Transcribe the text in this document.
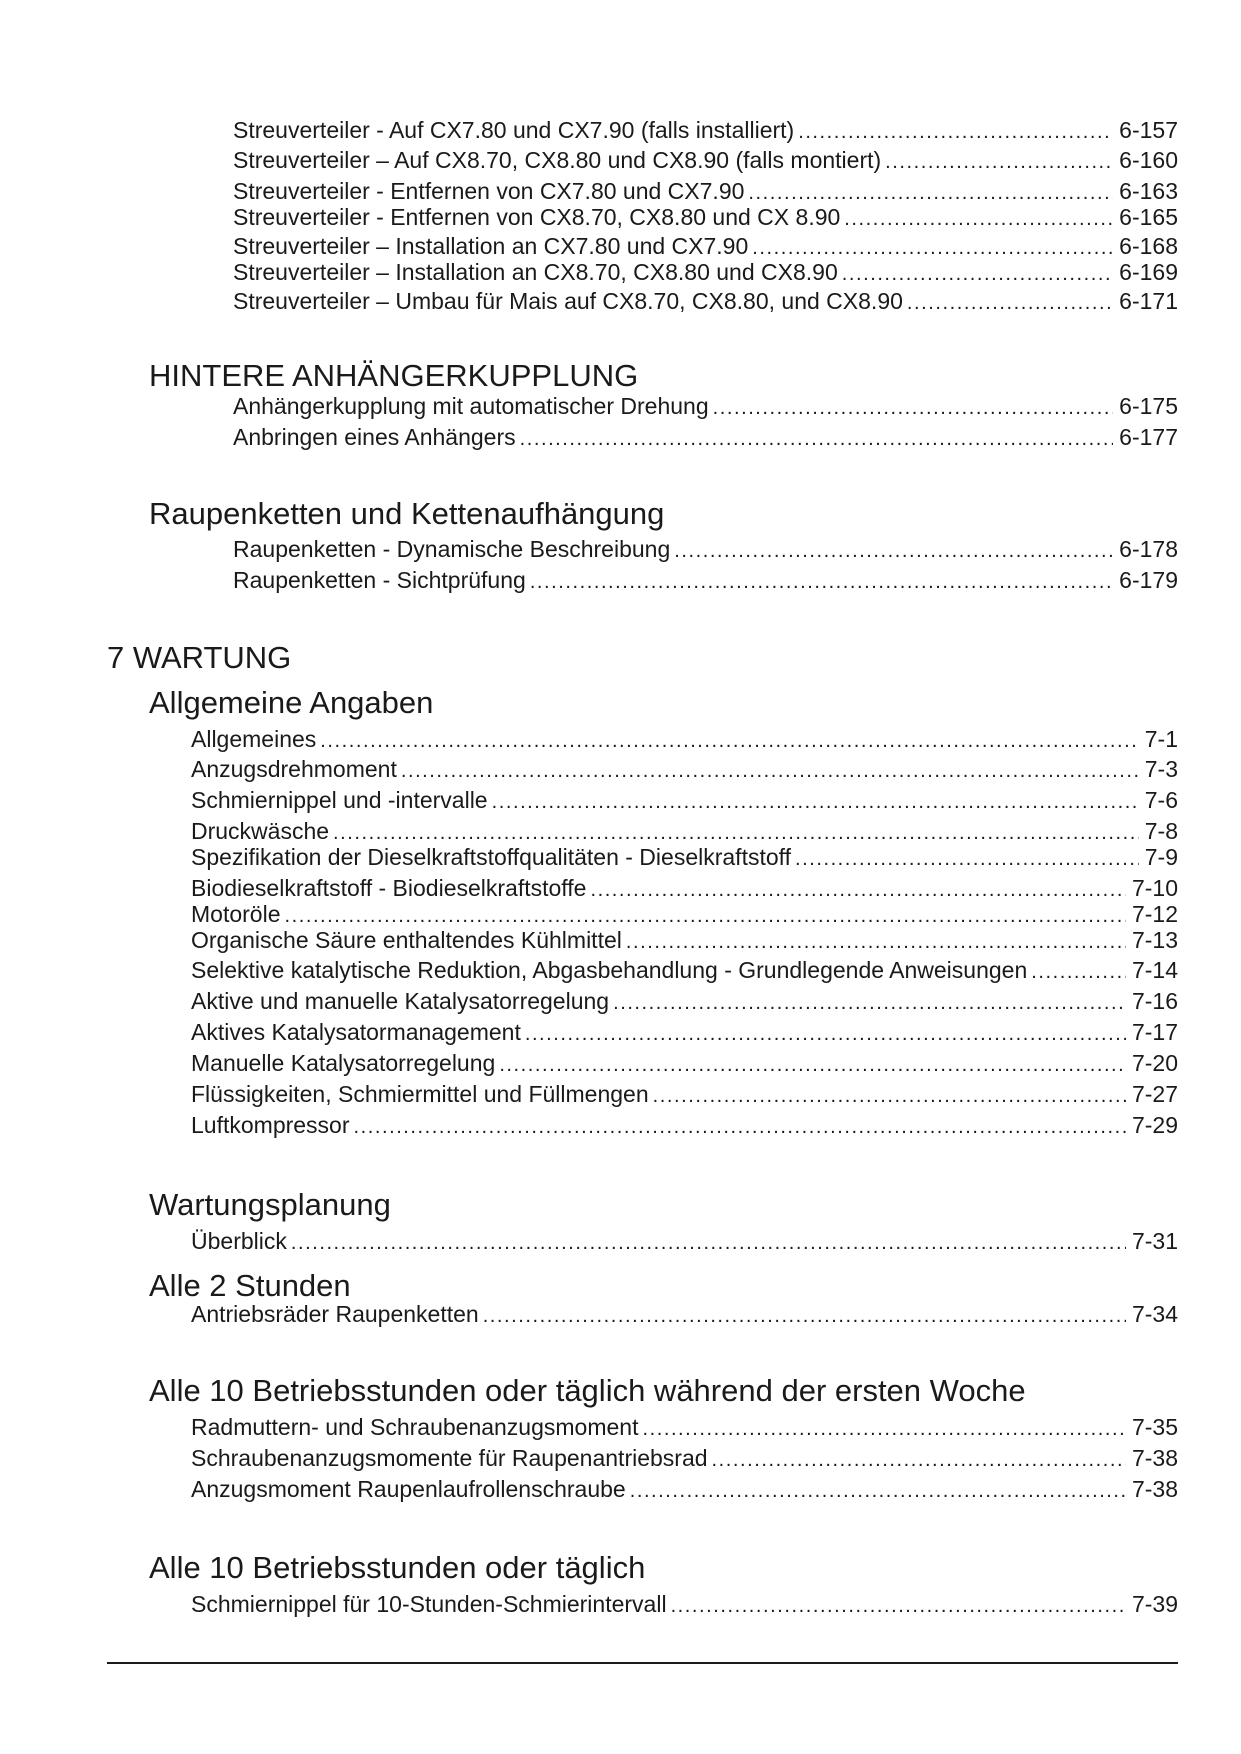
Streuverteiler - Auf CX7.80 und CX7.90 (falls installiert) . . .	6-157
Streuverteiler – Auf CX8.70, CX8.80 und CX8.90 (falls montiert) . . .	6-160
Streuverteiler - Entfernen von CX7.80 und CX7.90 . . .	6-163
Streuverteiler - Entfernen von CX8.70, CX8.80 und CX 8.90 . . .	6-165
Streuverteiler – Installation an CX7.80 und CX7.90 . . .	6-168
Streuverteiler – Installation an CX8.70, CX8.80 und CX8.90 . . .	6-169
Streuverteiler – Umbau für Mais auf CX8.70, CX8.80, und CX8.90 . . .	6-171
HINTERE ANHÄNGERKUPPLUNG
Anhängerkupplung mit automatischer Drehung . . .	6-175
Anbringen eines Anhängers . . .	6-177
Raupenketten und Kettenaufhängung
Raupenketten - Dynamische Beschreibung . . .	6-178
Raupenketten - Sichtprüfung . . .	6-179
7 WARTUNG
Allgemeine Angaben
Allgemeines . . .	7-1
Anzugsdrehmoment . . .	7-3
Schmiernippel und -intervalle . . .	7-6
Druckwäsche . . .	7-8
Spezifikation der Dieselkraftstoffqualitäten - Dieselkraftstoff . . .	7-9
Biodieselkraftstoff - Biodieselkraftstoffe . . .	7-10
Motoröle . . .	7-12
Organische Säure enthaltendes Kühlmittel . . .	7-13
Selektive katalytische Reduktion, Abgasbehandlung - Grundlegende Anweisungen . . .	7-14
Aktive und manuelle Katalysatorregelung . . .	7-16
Aktives Katalysatormanagement . . .	7-17
Manuelle Katalysatorregelung . . .	7-20
Flüssigkeiten, Schmiermittel und Füllmengen . . .	7-27
Luftkompressor . . .	7-29
Wartungsplanung
Überblick . . .	7-31
Alle 2 Stunden
Antriebsräder Raupenketten . . .	7-34
Alle 10 Betriebsstunden oder täglich während der ersten Woche
Radmuttern- und Schraubenanzugsmoment . . .	7-35
Schraubenanzugsmomente für Raupenantriebsrad . . .	7-38
Anzugsmoment Raupenlaufrollenschraube . . .	7-38
Alle 10 Betriebsstunden oder täglich
Schmiernippel für 10-Stunden-Schmierintervall . . .	7-39
